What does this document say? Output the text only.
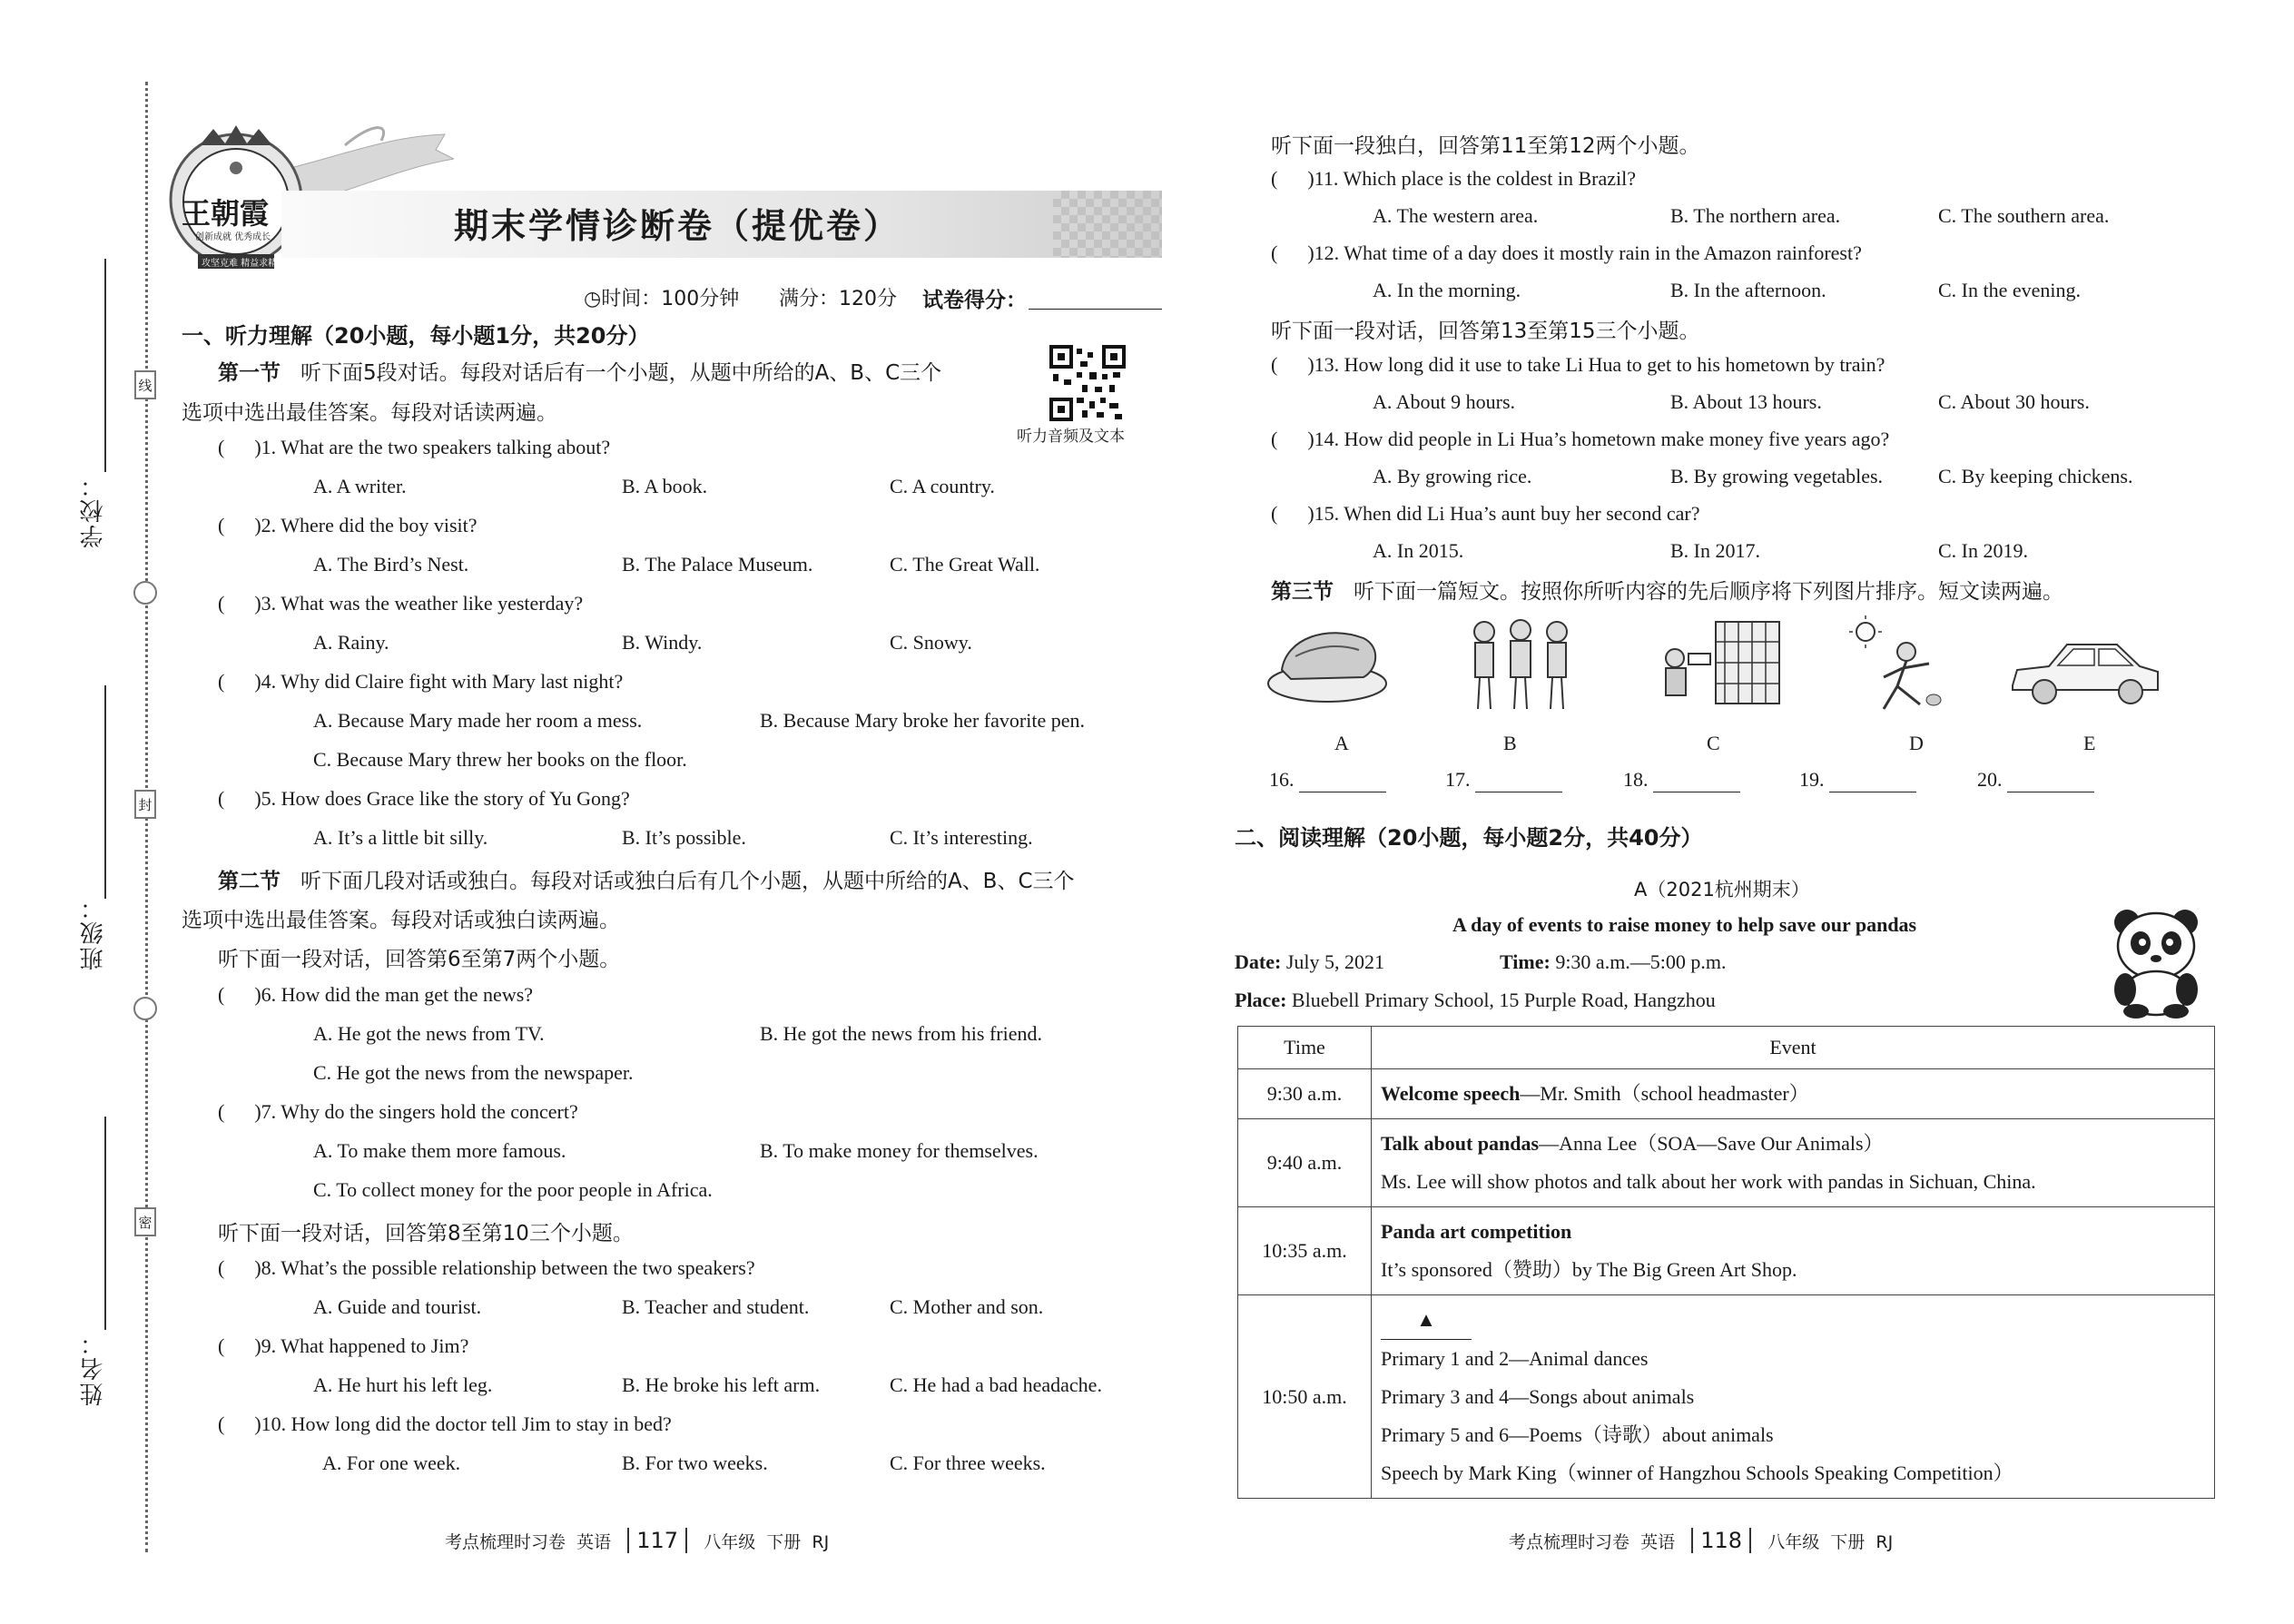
线
封
密
学校：
班级：
姓名：
王朝霞
创新成就 优秀成长
攻坚克难 精益求精
期末学情诊断卷（提优卷）
◷时间：100分钟 满分：120分 试卷得分：
一、听力理解（20小题，每小题1分，共20分）
第一节 听下面5段对话。每段对话后有一个小题，从题中所给的A、B、C三个
选项中选出最佳答案。每段对话读两遍。
听力音频及文本
(      )1. What are the two speakers talking about?
A. A writer.	B. A book.	C. A country.
(      )2. Where did the boy visit?
A. The Bird’s Nest.	B. The Palace Museum.	C. The Great Wall.
(      )3. What was the weather like yesterday?
A. Rainy.	B. Windy.	C. Snowy.
(      )4. Why did Claire fight with Mary last night?
A. Because Mary made her room a mess.	B. Because Mary broke her favorite pen.
C. Because Mary threw her books on the floor.
(      )5. How does Grace like the story of Yu Gong?
A. It’s a little bit silly.	B. It’s possible.	C. It’s interesting.
第二节 听下面几段对话或独白。每段对话或独白后有几个小题，从题中所给的A、B、C三个
选项中选出最佳答案。每段对话或独白读两遍。
听下面一段对话，回答第6至第7两个小题。
(      )6. How did the man get the news?
A. He got the news from TV.	B. He got the news from his friend.
C. He got the news from the newspaper.
(      )7. Why do the singers hold the concert?
A. To make them more famous.	B. To make money for themselves.
C. To collect money for the poor people in Africa.
听下面一段对话，回答第8至第10三个小题。
(      )8. What’s the possible relationship between the two speakers?
A. Guide and tourist.	B. Teacher and student.	C. Mother and son.
(      )9. What happened to Jim?
A. He hurt his left leg.	B. He broke his left arm.	C. He had a bad headache.
(      )10. How long did the doctor tell Jim to stay in bed?
A. For one week.	B. For two weeks.	C. For three weeks.
考点梳理时习卷 英语 117 八年级 下册 RJ
听下面一段独白，回答第11至第12两个小题。
(      )11. Which place is the coldest in Brazil?
A. The western area.	B. The northern area.	C. The southern area.
(      )12. What time of a day does it mostly rain in the Amazon rainforest?
A. In the morning.	B. In the afternoon.	C. In the evening.
听下面一段对话，回答第13至第15三个小题。
(      )13. How long did it use to take Li Hua to get to his hometown by train?
A. About 9 hours.	B. About 13 hours.	C. About 30 hours.
(      )14. How did people in Li Hua’s hometown make money five years ago?
A. By growing rice.	B. By growing vegetables.	C. By keeping chickens.
(      )15. When did Li Hua’s aunt buy her second car?
A. In 2015.	B. In 2017.	C. In 2019.
第三节 听下面一篇短文。按照你所听内容的先后顺序将下列图片排序。短文读两遍。
A	B	C	D	E
16.	17.	18.	19.	20.
二、阅读理解（20小题，每小题2分，共40分）
A（2021杭州期末）
A day of events to raise money to help save our pandas
Date: July 5, 2021	Time: 9:30 a.m.—5:00 p.m.
Place: Bluebell Primary School, 15 Purple Road, Hangzhou
Time	Event
9:30 a.m.	Welcome speech—Mr. Smith（school headmaster）

9:40 a.m.	Talk about pandas—Anna Lee（SOA—Save Our Animals）
Ms. Lee will show photos and talk about her work with pandas in Sichuan, China.

10:35 a.m.	Panda art competition
It’s sponsored（赞助）by The Big Green Art Shop.

10:50 a.m.	▲
Primary 1 and 2—Animal dances
Primary 3 and 4—Songs about animals
Primary 5 and 6—Poems（诗歌）about animals
Speech by Mark King（winner of Hangzhou Schools Speaking Competition）
考点梳理时习卷 英语 118 八年级 下册 RJ
